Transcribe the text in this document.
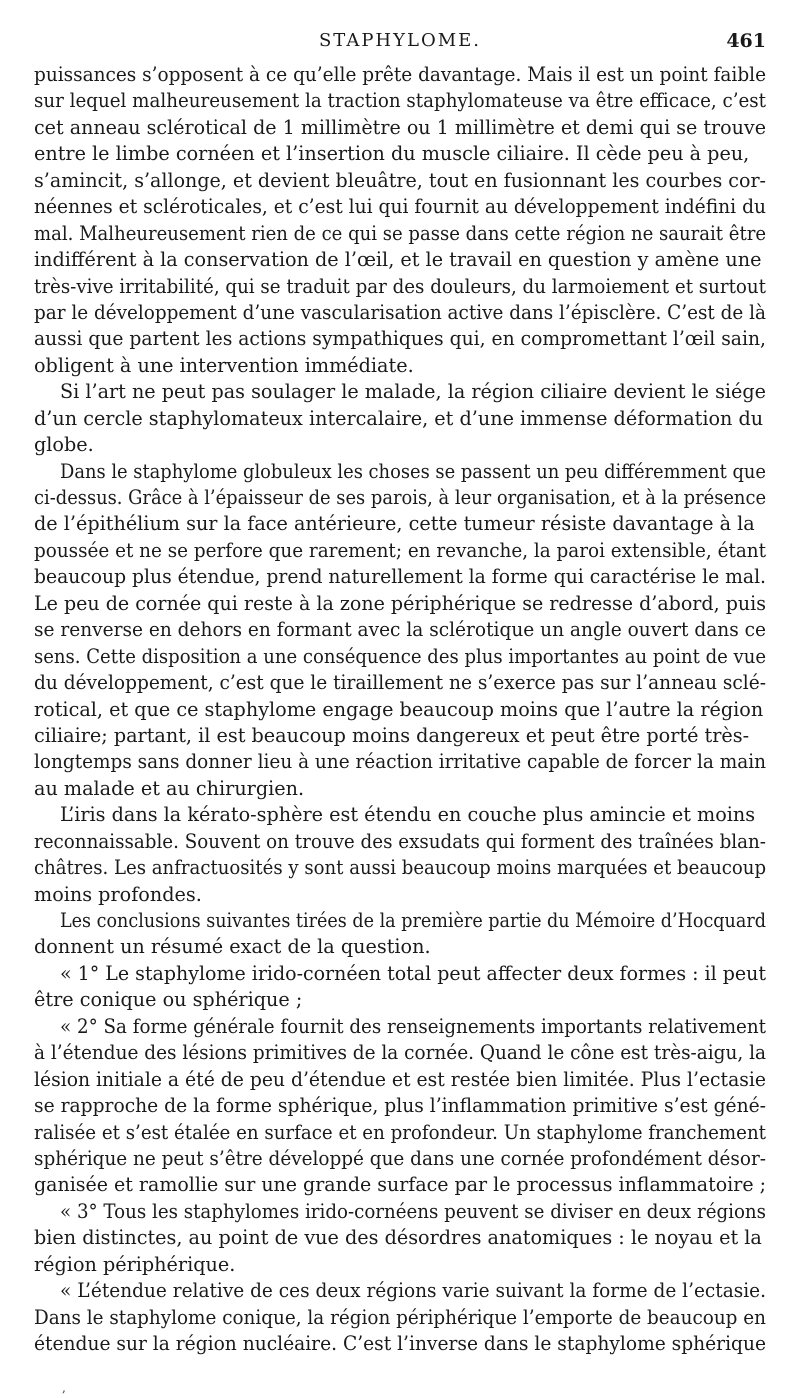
STAPHYLOME.	461
puissances s’opposent à ce qu’elle prête davantage. Mais il est un point faible
sur lequel malheureusement la traction staphylomateuse va être efficace, c’est
cet anneau sclérotical de 1 millimètre ou 1 millimètre et demi qui se trouve
entre le limbe cornéen et l’insertion du muscle ciliaire. Il cède peu à peu,
s’amincit, s’allonge, et devient bleuâtre, tout en fusionnant les courbes cor-
néennes et scléroticales, et c’est lui qui fournit au développement indéfini du
mal. Malheureusement rien de ce qui se passe dans cette région ne saurait être
indifférent à la conservation de l’œil, et le travail en question y amène une
très-vive irritabilité, qui se traduit par des douleurs, du larmoiement et surtout
par le développement d’une vascularisation active dans l’épisclère. C’est de là
aussi que partent les actions sympathiques qui, en compromettant l’œil sain,
obligent à une intervention immédiate.
Si l’art ne peut pas soulager le malade, la région ciliaire devient le siége
d’un cercle staphylomateux intercalaire, et d’une immense déformation du
globe.
Dans le staphylome globuleux les choses se passent un peu différemment que
ci-dessus. Grâce à l’épaisseur de ses parois, à leur organisation, et à la présence
de l’épithélium sur la face antérieure, cette tumeur résiste davantage à la
poussée et ne se perfore que rarement; en revanche, la paroi extensible, étant
beaucoup plus étendue, prend naturellement la forme qui caractérise le mal.
Le peu de cornée qui reste à la zone périphérique se redresse d’abord, puis
se renverse en dehors en formant avec la sclérotique un angle ouvert dans ce
sens. Cette disposition a une conséquence des plus importantes au point de vue
du développement, c’est que le tiraillement ne s’exerce pas sur l’anneau sclé-
rotical, et que ce staphylome engage beaucoup moins que l’autre la région
ciliaire; partant, il est beaucoup moins dangereux et peut être porté très-
longtemps sans donner lieu à une réaction irritative capable de forcer la main
au malade et au chirurgien.
L’iris dans la kérato-sphère est étendu en couche plus amincie et moins
reconnaissable. Souvent on trouve des exsudats qui forment des traînées blan-
châtres. Les anfractuosités y sont aussi beaucoup moins marquées et beaucoup
moins profondes.
Les conclusions suivantes tirées de la première partie du Mémoire d’Hocquard
donnent un résumé exact de la question.
« 1° Le staphylome irido-cornéen total peut affecter deux formes : il peut
être conique ou sphérique ;
« 2° Sa forme générale fournit des renseignements importants relativement
à l’étendue des lésions primitives de la cornée. Quand le cône est très-aigu, la
lésion initiale a été de peu d’étendue et est restée bien limitée. Plus l’ectasie
se rapproche de la forme sphérique, plus l’inflammation primitive s’est géné-
ralisée et s’est étalée en surface et en profondeur. Un staphylome franchement
sphérique ne peut s’être développé que dans une cornée profondément désor-
ganisée et ramollie sur une grande surface par le processus inflammatoire ;
« 3° Tous les staphylomes irido-cornéens peuvent se diviser en deux régions
bien distinctes, au point de vue des désordres anatomiques : le noyau et la
région périphérique.
« L’étendue relative de ces deux régions varie suivant la forme de l’ectasie.
Dans le staphylome conique, la région périphérique l’emporte de beaucoup en
étendue sur la région nucléaire. C’est l’inverse dans le staphylome sphérique
,
